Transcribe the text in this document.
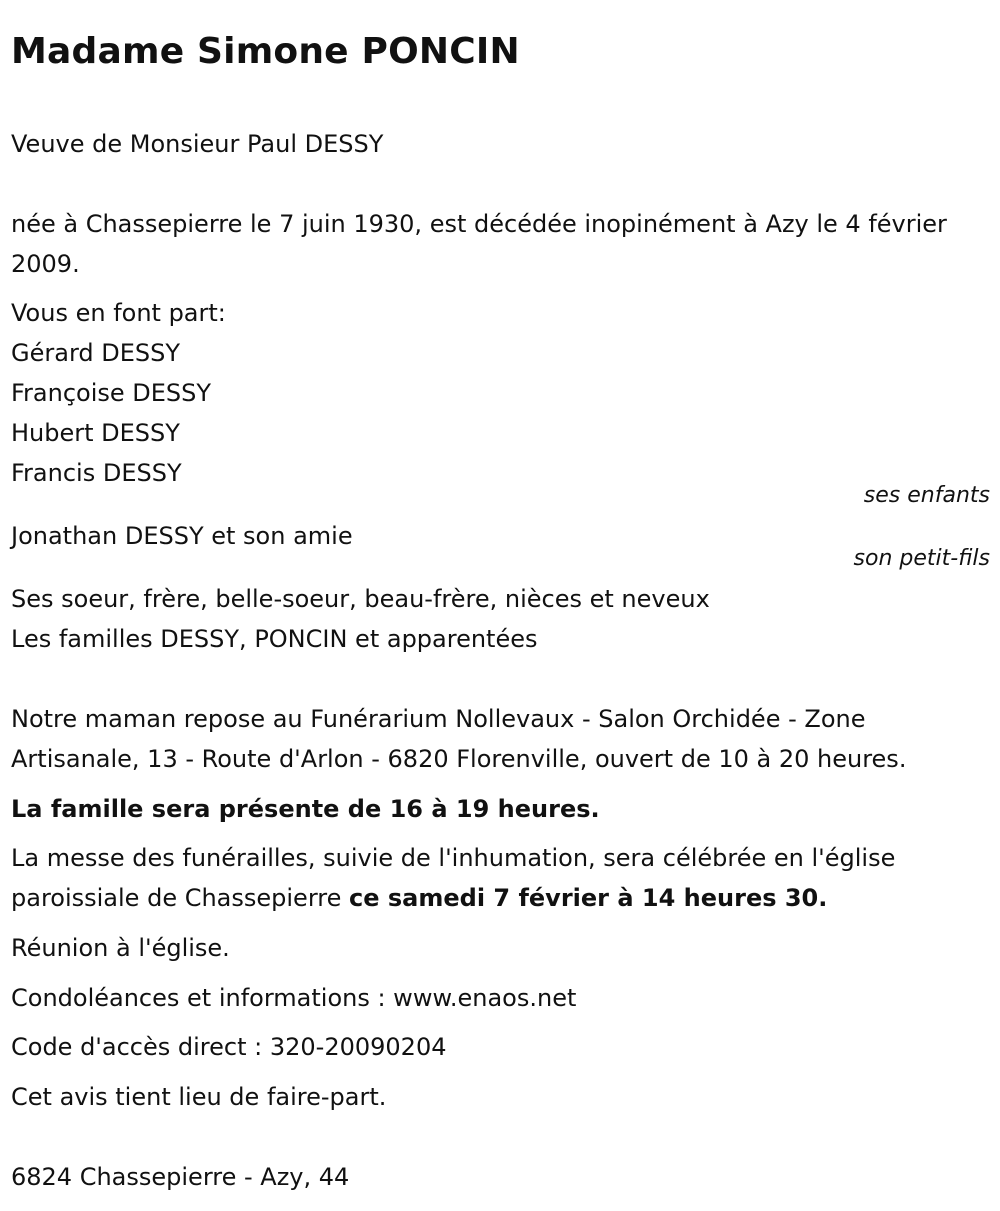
Madame Simone PONCIN

Veuve de Monsieur Paul DESSY

née à Chassepierre le 7 juin 1930, est décédée inopinément à Azy le 4 février 2009.

Vous en font part:

Gérard DESSY

Françoise DESSY

Hubert DESSY

Francis DESSY

ses enfants

Jonathan DESSY et son amie

son petit-fils

Ses soeur, frère, belle-soeur, beau-frère, nièces et neveux

Les familles DESSY, PONCIN et apparentées

Notre maman repose au Funérarium Nollevaux - Salon Orchidée - Zone Artisanale, 13 - Route d'Arlon - 6820 Florenville, ouvert de 10 à 20 heures.

La famille sera présente de 16 à 19 heures.

La messe des funérailles, suivie de l'inhumation, sera célébrée en l'église paroissiale de Chassepierre ce samedi 7 février à 14 heures 30.

Réunion à l'église.

Condoléances et informations : www.enaos.net

Code d'accès direct : 320-20090204

Cet avis tient lieu de faire-part.

6824 Chassepierre - Azy, 44
